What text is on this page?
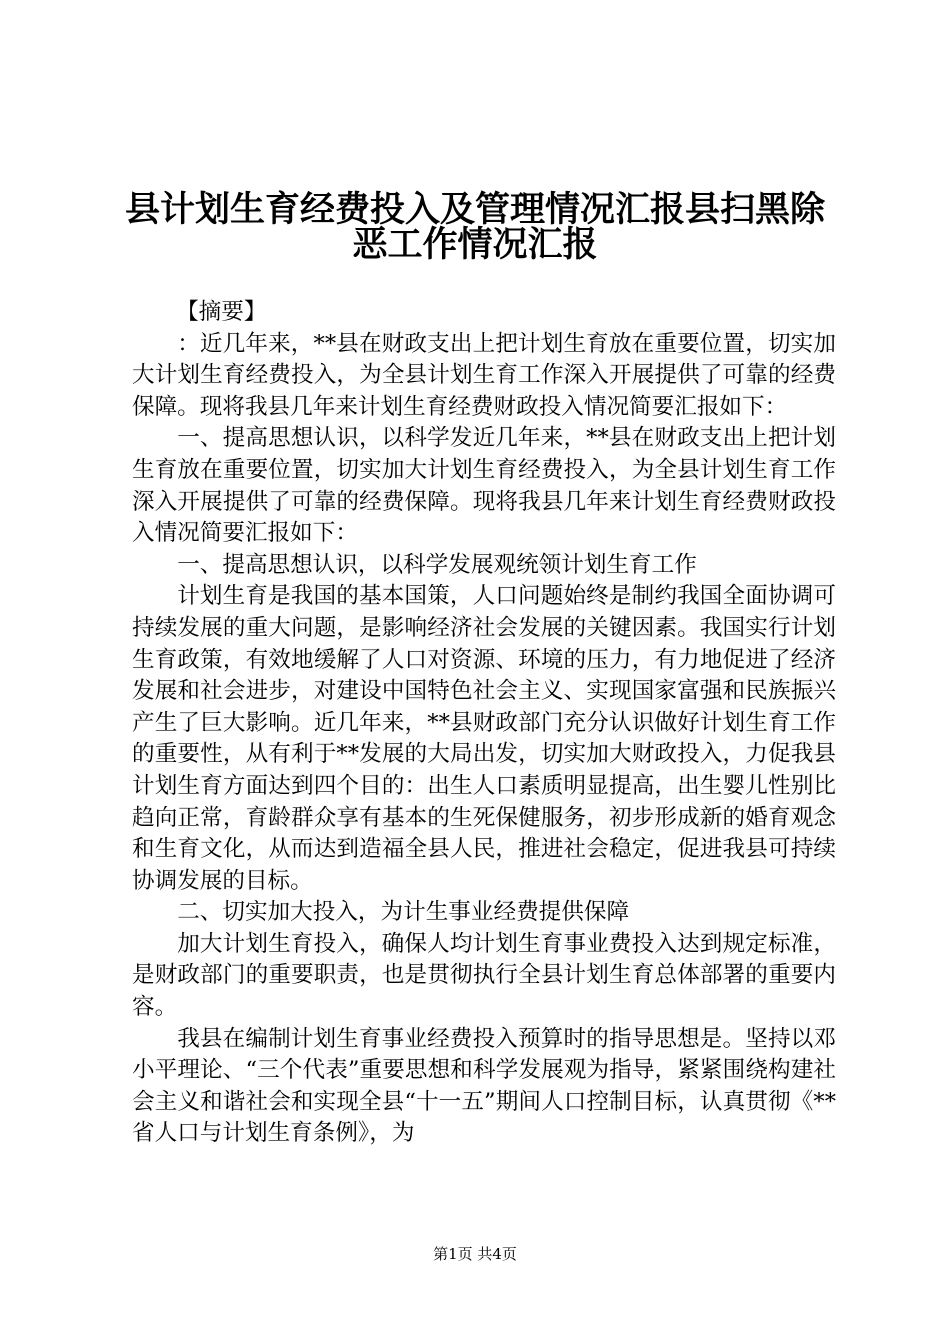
县计划生育经费投入及管理情况汇报县扫黑除
恶工作情况汇报

【摘要】

：近几年来，**县在财政支出上把计划生育放在重要位置，切实加大计划生育经费投入，为全县计划生育工作深入开展提供了可靠的经费保障。现将我县几年来计划生育经费财政投入情况简要汇报如下：

一、提高思想认识，以科学发近几年来，**县在财政支出上把计划生育放在重要位置，切实加大计划生育经费投入，为全县计划生育工作深入开展提供了可靠的经费保障。现将我县几年来计划生育经费财政投入情况简要汇报如下：

一、提高思想认识，以科学发展观统领计划生育工作

计划生育是我国的基本国策，人口问题始终是制约我国全面协调可持续发展的重大问题，是影响经济社会发展的关键因素。我国实行计划生育政策，有效地缓解了人口对资源、环境的压力，有力地促进了经济发展和社会进步，对建设中国特色社会主义、实现国家富强和民族振兴产生了巨大影响。近几年来，**县财政部门充分认识做好计划生育工作的重要性，从有利于**发展的大局出发，切实加大财政投入，力促我县计划生育方面达到四个目的：出生人口素质明显提高，出生婴儿性别比趋向正常，育龄群众享有基本的生死保健服务，初步形成新的婚育观念和生育文化，从而达到造福全县人民，推进社会稳定，促进我县可持续协调发展的目标。

二、切实加大投入，为计生事业经费提供保障

加大计划生育投入，确保人均计划生育事业费投入达到规定标准，是财政部门的重要职责，也是贯彻执行全县计划生育总体部署的重要内容。

我县在编制计划生育事业经费投入预算时的指导思想是。坚持以邓小平理论、“三个代表”重要思想和科学发展观为指导，紧紧围绕构建社会主义和谐社会和实现全县“十一五”期间人口控制目标，认真贯彻《**省人口与计划生育条例》，为

第1页 共4页
